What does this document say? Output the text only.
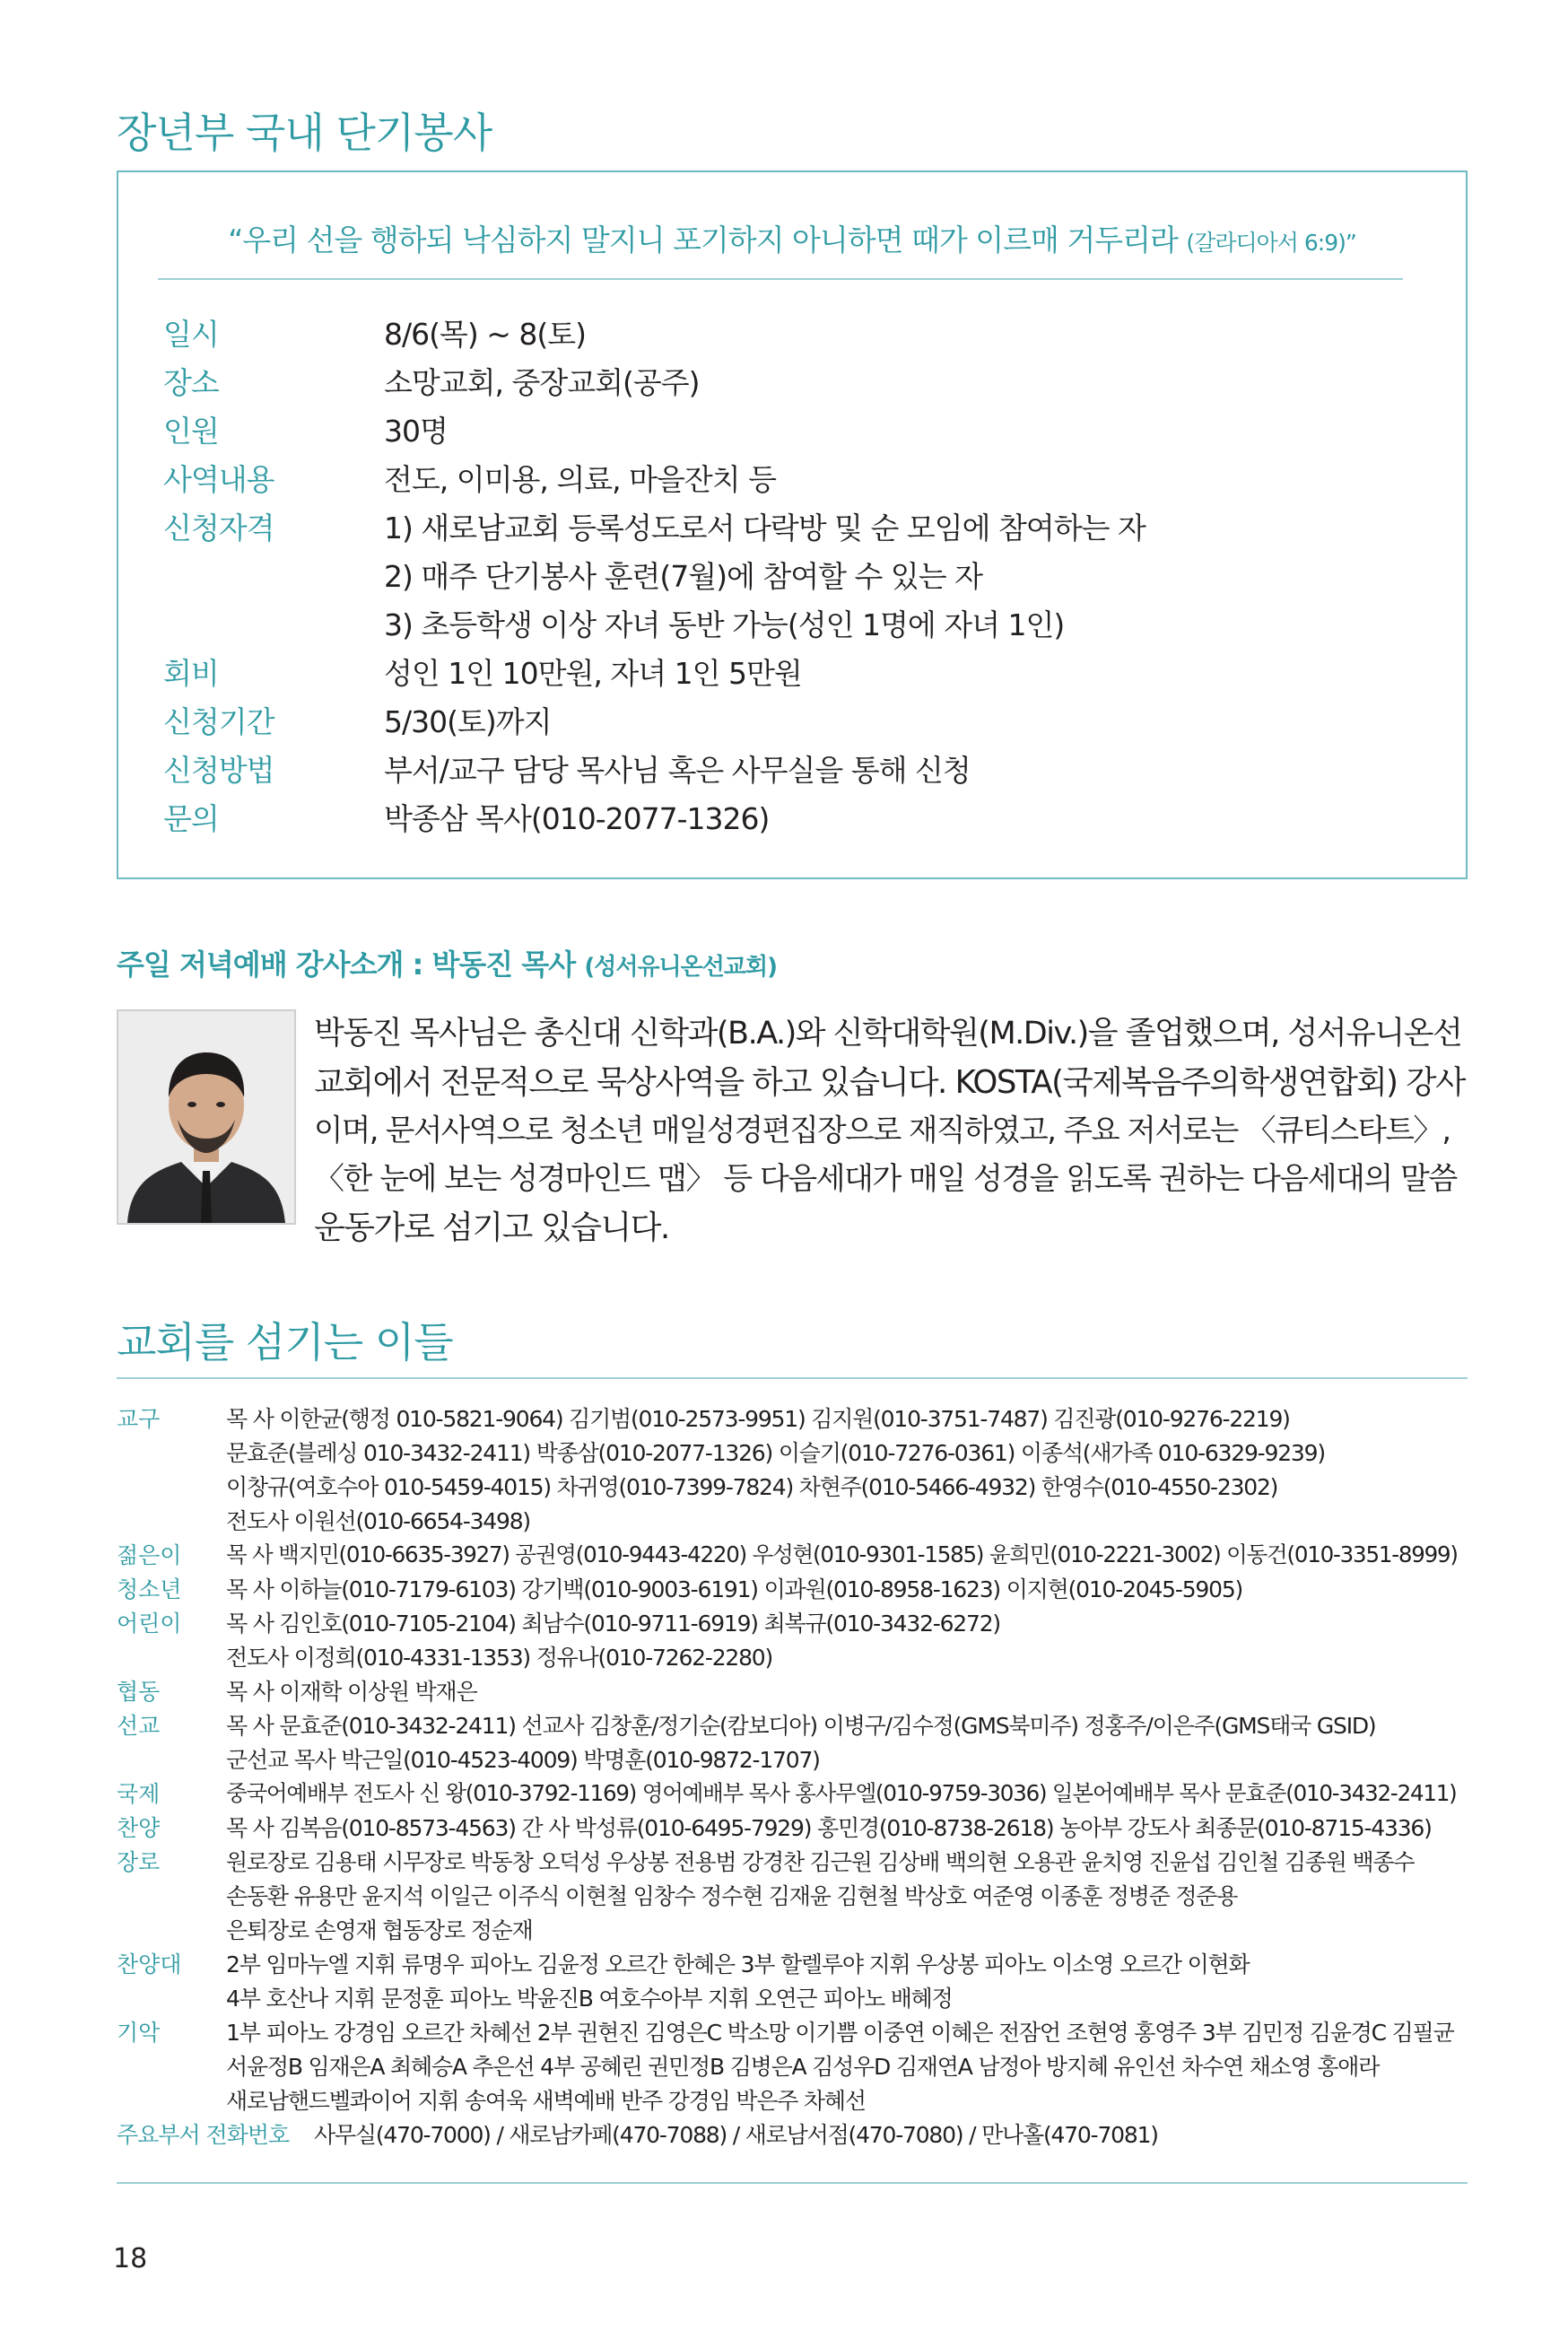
장년부 국내 단기봉사
“우리 선을 행하되 낙심하지 말지니 포기하지 아니하면 때가 이르매 거두리라 (갈라디아서 6:9)”
일시	8/6(목) ~ 8(토)
장소	소망교회, 중장교회(공주)
인원	30명
사역내용	전도, 이미용, 의료, 마을잔치 등
신청자격	1) 새로남교회 등록성도로서 다락방 및 순 모임에 참여하는 자
2) 매주 단기봉사 훈련(7월)에 참여할 수 있는 자
3) 초등학생 이상 자녀 동반 가능(성인 1명에 자녀 1인)
회비	성인 1인 10만원, 자녀 1인 5만원
신청기간	5/30(토)까지
신청방법	부서/교구 담당 목사님 혹은 사무실을 통해 신청
문의	박종삼 목사(010-2077-1326)
주일 저녁예배 강사소개 : 박동진 목사 (성서유니온선교회)
박동진 목사님은 총신대 신학과(B.A.)와 신학대학원(M.Div.)을 졸업했으며, 성서유니온선
교회에서 전문적으로 묵상사역을 하고 있습니다. KOSTA(국제복음주의학생연합회) 강사
이며, 문서사역으로 청소년 매일성경편집장으로 재직하였고, 주요 저서로는 〈큐티스타트〉,
〈한 눈에 보는 성경마인드 맵〉 등 다음세대가 매일 성경을 읽도록 권하는 다음세대의 말씀
운동가로 섬기고 있습니다.
교회를 섬기는 이들
교구	목 사 이한균(행정 010-5821-9064) 김기범(010-2573-9951) 김지원(010-3751-7487) 김진광(010-9276-2219)
문효준(블레싱 010-3432-2411) 박종삼(010-2077-1326) 이슬기(010-7276-0361) 이종석(새가족 010-6329-9239)
이창규(여호수아 010-5459-4015) 차귀영(010-7399-7824) 차현주(010-5466-4932) 한영수(010-4550-2302)
전도사 이원선(010-6654-3498)
젊은이 목 사 백지민(010-6635-3927) 공권영(010-9443-4220) 우성현(010-9301-1585) 윤희민(010-2221-3002) 이동건(010-3351-8999)
청소년 목 사 이하늘(010-7179-6103) 강기백(010-9003-6191) 이과원(010-8958-1623) 이지현(010-2045-5905)
어린이 목 사 김인호(010-7105-2104) 최남수(010-9711-6919) 최복규(010-3432-6272)
전도사 이정희(010-4331-1353) 정유나(010-7262-2280)
협동	목 사 이재학 이상원 박재은
선교	목 사 문효준(010-3432-2411) 선교사 김창훈/정기순(캄보디아) 이병구/김수정(GMS북미주) 정홍주/이은주(GMS태국 GSID)
군선교 목사 박근일(010-4523-4009) 박명훈(010-9872-1707)
국제	중국어예배부 전도사 신 왕(010-3792-1169) 영어예배부 목사 홍사무엘(010-9759-3036) 일본어예배부 목사 문효준(010-3432-2411)
찬양	목 사 김복음(010-8573-4563) 간 사 박성류(010-6495-7929) 홍민경(010-8738-2618) 농아부 강도사 최종문(010-8715-4336)
장로	원로장로 김용태 시무장로 박동창 오덕성 우상봉 전용범 강경찬 김근원 김상배 백의현 오용관 윤치영 진윤섭 김인철 김종원 백종수
손동환 유용만 윤지석 이일근 이주식 이현철 임창수 정수현 김재윤 김현철 박상호 여준영 이종훈 정병준 정준용
은퇴장로 손영재 협동장로 정순재
찬양대 2부 임마누엘 지휘 류명우 피아노 김윤정 오르간 한혜은 3부 할렐루야 지휘 우상봉 피아노 이소영 오르간 이현화
4부 호산나 지휘 문정훈 피아노 박윤진B 여호수아부 지휘 오연근 피아노 배혜정
기악	1부 피아노 강경임 오르간 차혜선 2부 권현진 김영은C 박소망 이기쁨 이중연 이혜은 전잠언 조현영 홍영주 3부 김민정 김윤경C 김필균
서윤정B 임재은A 최혜승A 추은선 4부 공혜린 권민정B 김병은A 김성우D 김재연A 남정아 방지혜 유인선 차수연 채소영 홍애라
새로남핸드벨콰이어 지휘 송여욱 새벽예배 반주 강경임 박은주 차혜선
주요부서 전화번호 사무실(470-7000) / 새로남카페(470-7088) / 새로남서점(470-7080) / 만나홀(470-7081)
18
